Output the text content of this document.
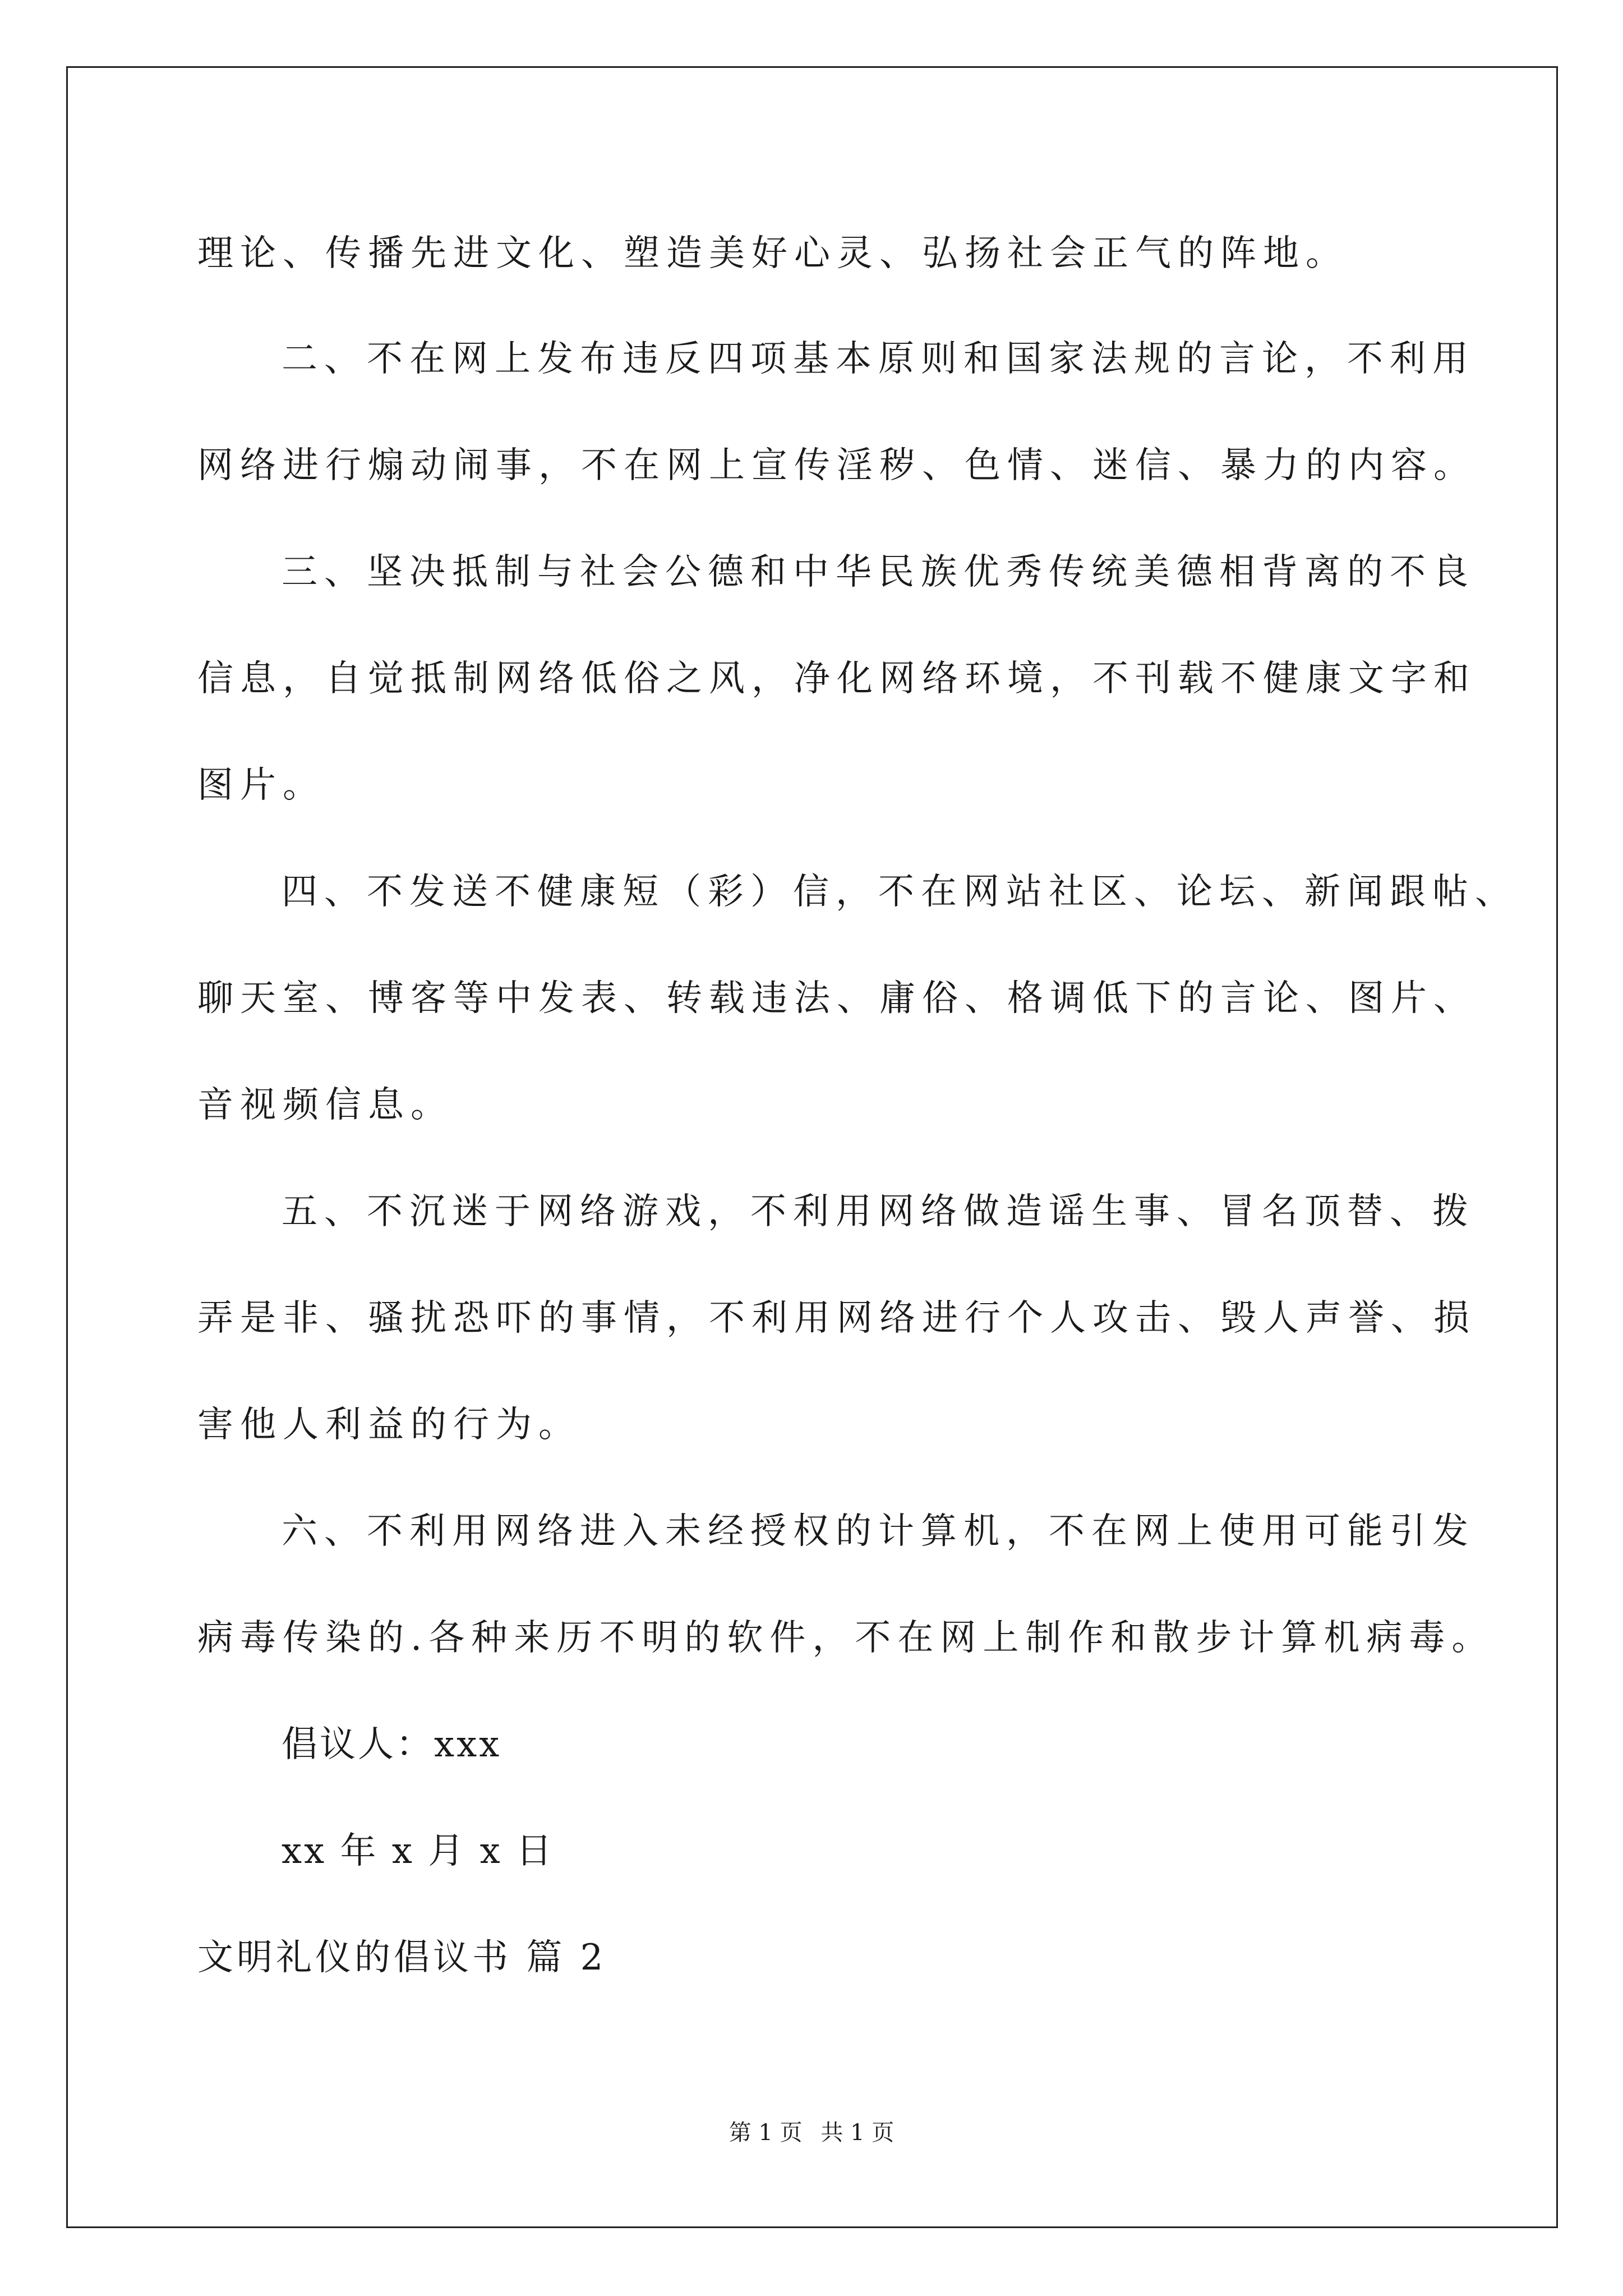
理论、传播先进文化、塑造美好心灵、弘扬社会正气的阵地。
二、不在网上发布违反四项基本原则和国家法规的言论，不利用
网络进行煽动闹事，不在网上宣传淫秽、色情、迷信、暴力的内容。
三、坚决抵制与社会公德和中华民族优秀传统美德相背离的不良
信息，自觉抵制网络低俗之风，净化网络环境，不刊载不健康文字和
图片。
四、不发送不健康短（彩）信，不在网站社区、论坛、新闻跟帖、
聊天室、博客等中发表、转载违法、庸俗、格调低下的言论、图片、
音视频信息。
五、不沉迷于网络游戏，不利用网络做造谣生事、冒名顶替、拨
弄是非、骚扰恐吓的事情，不利用网络进行个人攻击、毁人声誉、损
害他人利益的行为。
六、不利用网络进入未经授权的计算机，不在网上使用可能引发
病毒传染的.各种来历不明的软件，不在网上制作和散步计算机病毒。
倡议人：xxx
xx 年 x 月 x 日
文明礼仪的倡议书 篇 2
第 1 页 共 1 页
